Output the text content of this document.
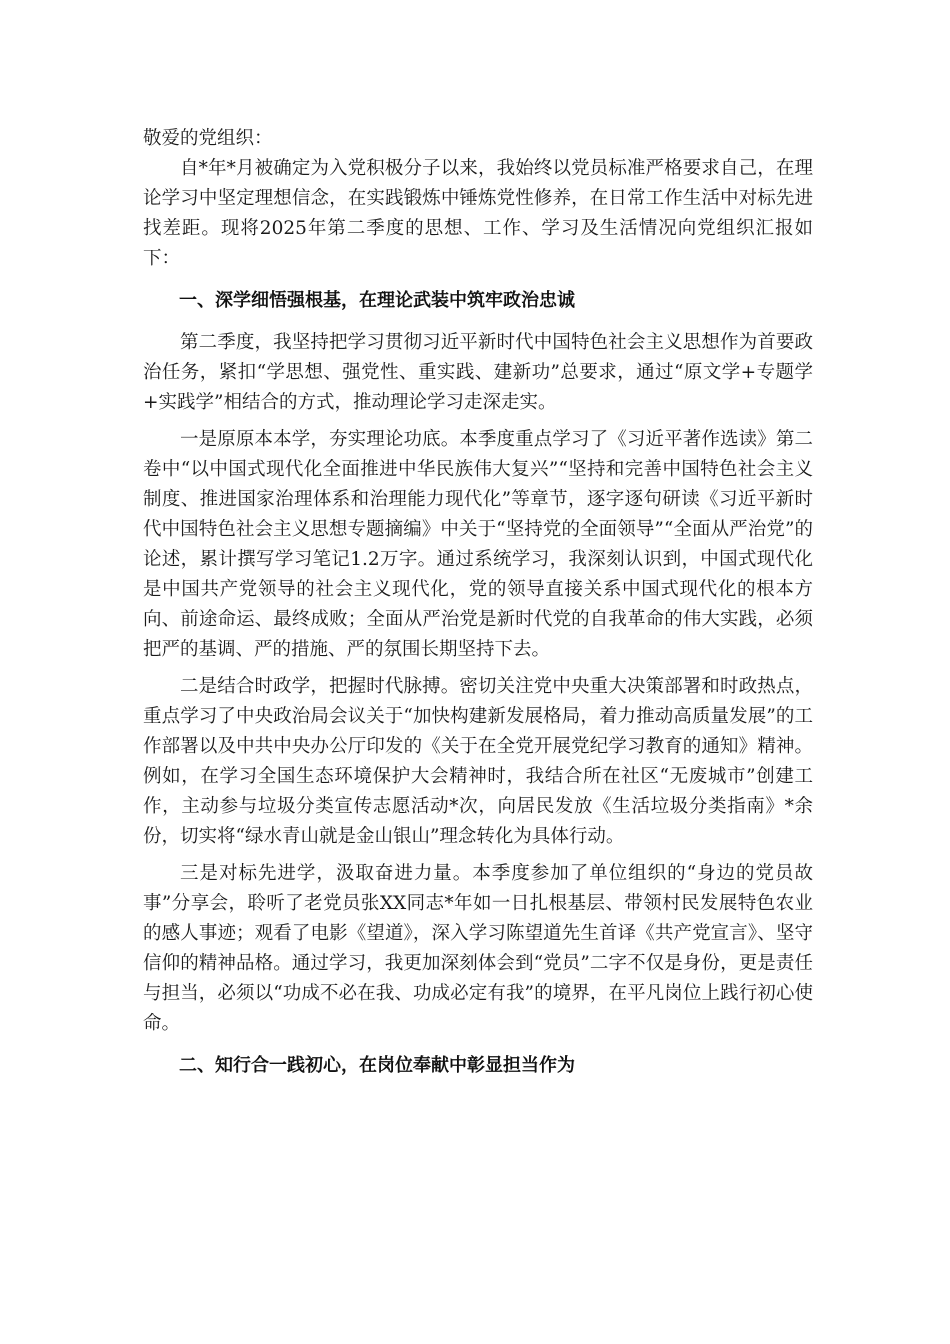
敬爱的党组织：

自*年*月被确定为入党积极分子以来，我始终以党员标准严格要求自己，在理论学习中坚定理想信念，在实践锻炼中锤炼党性修养，在日常工作生活中对标先进找差距。现将2025年第二季度的思想、工作、学习及生活情况向党组织汇报如下：

一、深学细悟强根基，在理论武装中筑牢政治忠诚

第二季度，我坚持把学习贯彻习近平新时代中国特色社会主义思想作为首要政治任务，紧扣“学思想、强党性、重实践、建新功”总要求，通过“原文学+专题学+实践学”相结合的方式，推动理论学习走深走实。

一是原原本本学，夯实理论功底。本季度重点学习了《习近平著作选读》第二卷中“以中国式现代化全面推进中华民族伟大复兴”“坚持和完善中国特色社会主义制度、推进国家治理体系和治理能力现代化”等章节，逐字逐句研读《习近平新时代中国特色社会主义思想专题摘编》中关于“坚持党的全面领导”“全面从严治党”的论述，累计撰写学习笔记1.2万字。通过系统学习，我深刻认识到，中国式现代化是中国共产党领导的社会主义现代化，党的领导直接关系中国式现代化的根本方向、前途命运、最终成败；全面从严治党是新时代党的自我革命的伟大实践，必须把严的基调、严的措施、严的氛围长期坚持下去。

二是结合时政学，把握时代脉搏。密切关注党中央重大决策部署和时政热点，重点学习了中央政治局会议关于“加快构建新发展格局，着力推动高质量发展”的工作部署以及中共中央办公厅印发的《关于在全党开展党纪学习教育的通知》精神。例如，在学习全国生态环境保护大会精神时，我结合所在社区“无废城市”创建工作，主动参与垃圾分类宣传志愿活动*次，向居民发放《生活垃圾分类指南》*余份，切实将“绿水青山就是金山银山”理念转化为具体行动。

三是对标先进学，汲取奋进力量。本季度参加了单位组织的“身边的党员故事”分享会，聆听了老党员张XX同志*年如一日扎根基层、带领村民发展特色农业的感人事迹；观看了电影《望道》，深入学习陈望道先生首译《共产党宣言》、坚守信仰的精神品格。通过学习，我更加深刻体会到“党员”二字不仅是身份，更是责任与担当，必须以“功成不必在我、功成必定有我”的境界，在平凡岗位上践行初心使命。

二、知行合一践初心，在岗位奉献中彰显担当作为
